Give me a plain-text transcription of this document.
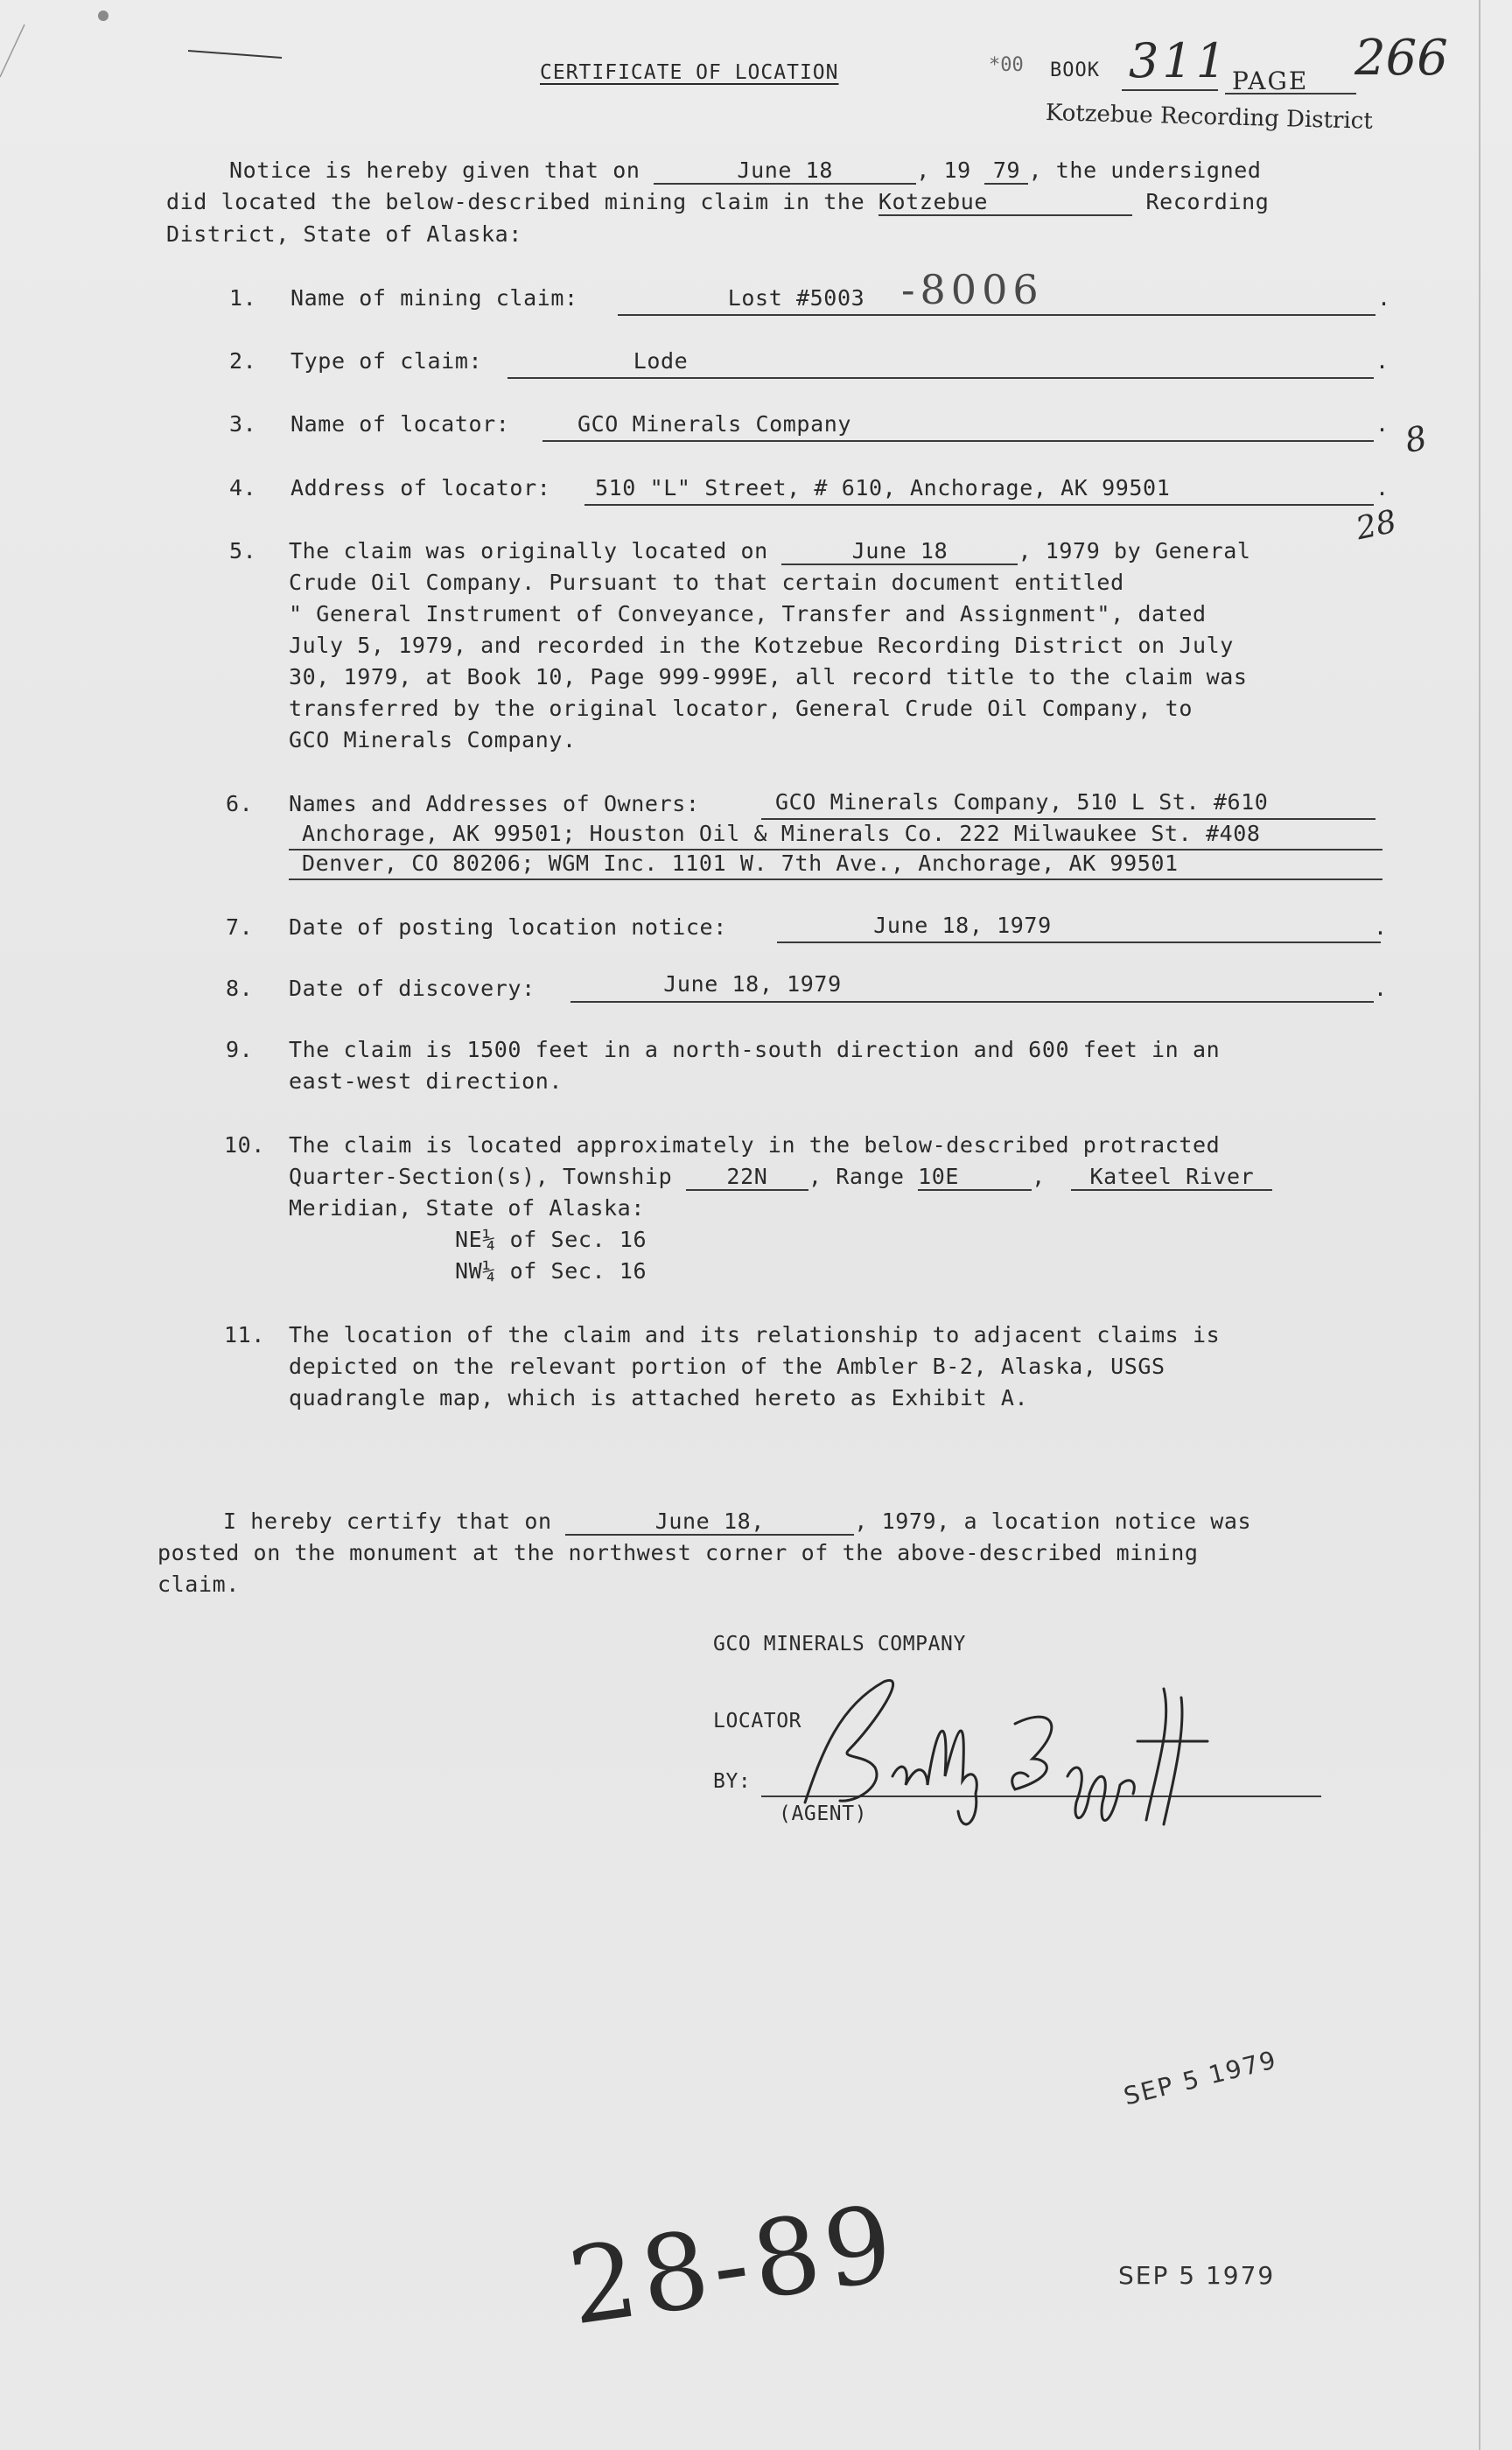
CERTIFICATE OF LOCATION	*00 BOOK 311 PAGE 266
Kotzebue Recording District
Notice is hereby given that on	June 18	, 19 79 , the undersigned
did located the below-described mining claim in the Kotzebue	Recording
District, State of Alaska:
1. Name of mining claim:	Lost #5003 -8006	.
2. Type of claim:	Lode	.
3. Name of locator:	GCO Minerals Company	.
4. Address of locator: 510 "L" Street, # 610, Anchorage, AK 99501	.
8
28
5. The claim was originally located on	June 18	, 1979 by General
Crude Oil Company. Pursuant to that certain document entitled
" General Instrument of Conveyance, Transfer and Assignment", dated
July 5, 1979, and recorded in the Kotzebue Recording District on July
30, 1979, at Book 10, Page 999-999E, all record title to the claim was
transferred by the original locator, General Crude Oil Company, to
GCO Minerals Company.
6. Names and Addresses of Owners:	GCO Minerals Company, 510 L St. #610
Anchorage, AK 99501; Houston Oil & Minerals Co. 222 Milwaukee St. #408
Denver, CO 80206; WGM Inc. 1101 W. 7th Ave., Anchorage, AK 99501
7. Date of posting location notice:	June 18, 1979	.
8. Date of discovery:	June 18, 1979	.
9. The claim is 1500 feet in a north-south direction and 600 feet in an
east-west direction.
10. The claim is located approximately in the below-described protracted
Quarter-Section(s), Township 22N , Range 10E	, Kateel River
Meridian, State of Alaska:
NE¼ of Sec. 16
NW¼ of Sec. 16
11. The location of the claim and its relationship to adjacent claims is
depicted on the relevant portion of the Ambler B-2, Alaska, USGS
quadrangle map, which is attached hereto as Exhibit A.
I hereby certify that on	June 18,	, 1979, a location notice was
posted on the monument at the northwest corner of the above-described mining
claim.
GCO MINERALS COMPANY
LOCATOR
BY:
(AGENT)

SEP 5 1979
SEP 5 1979
28-89
